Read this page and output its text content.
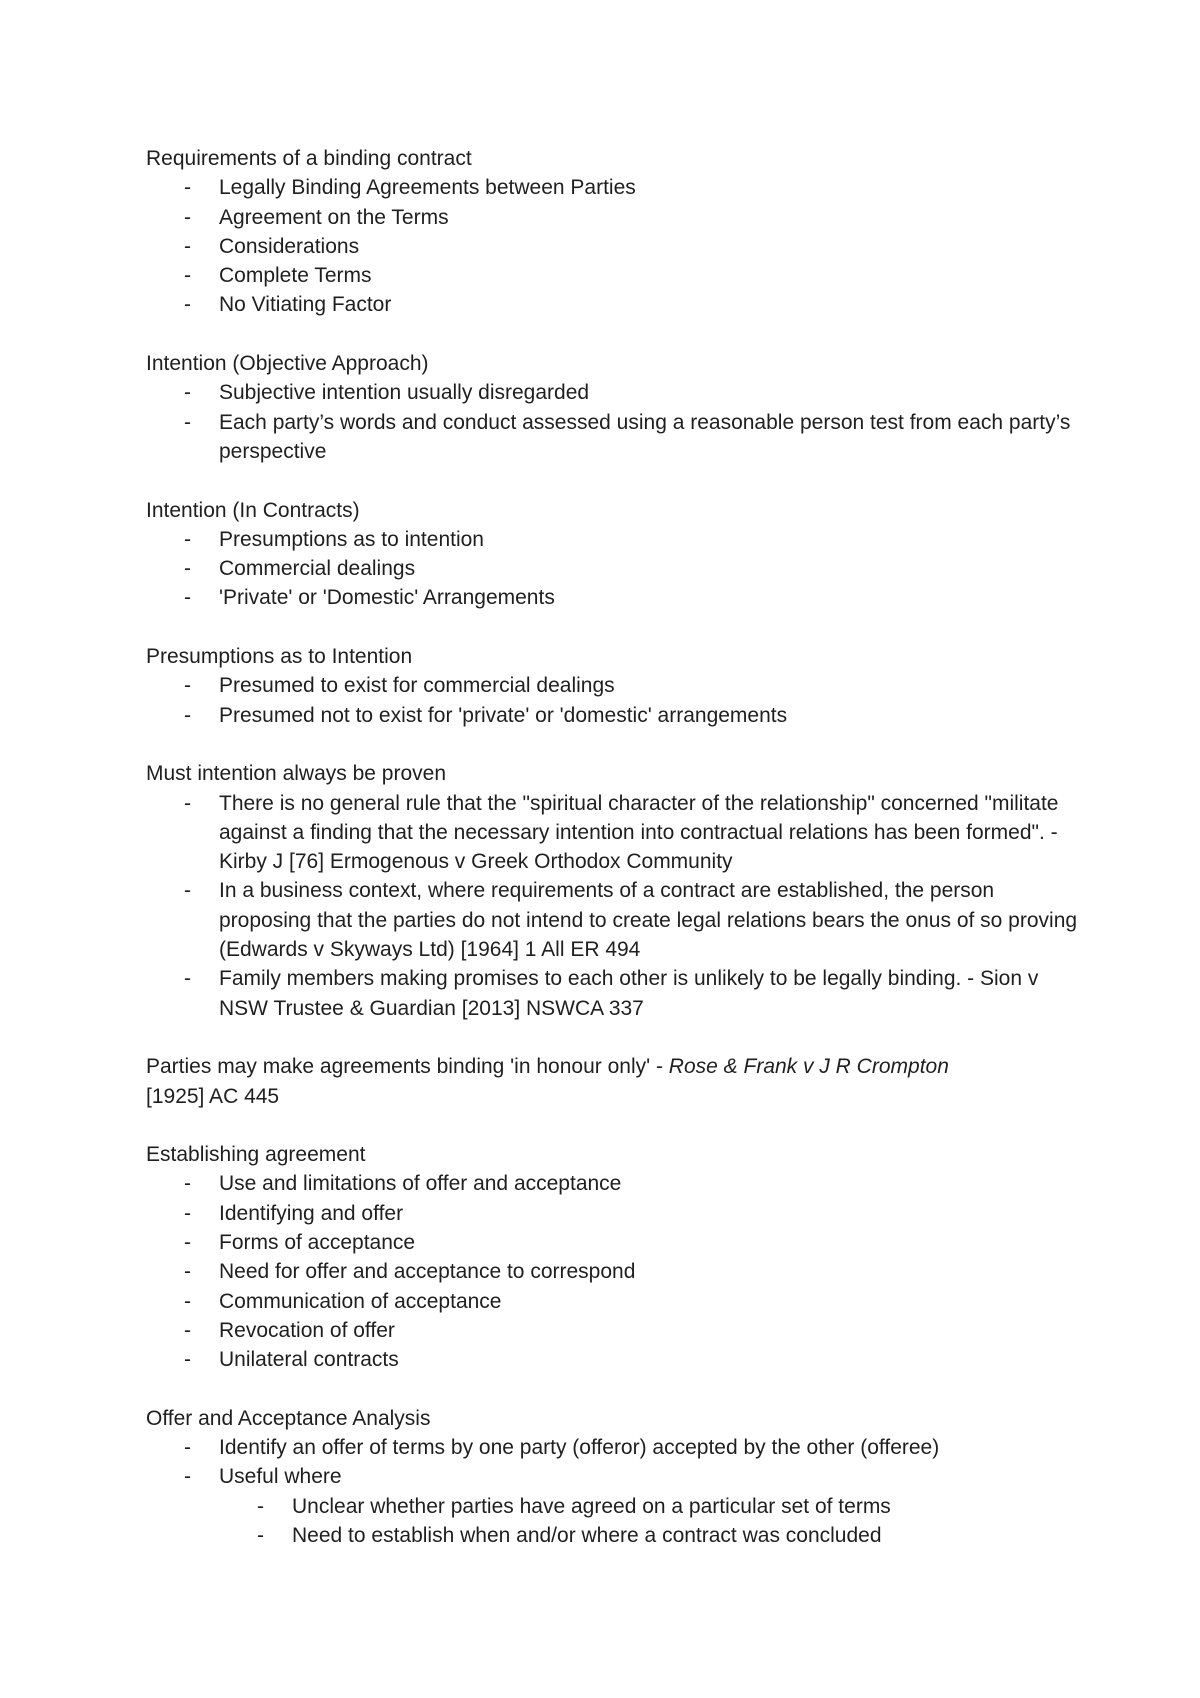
Requirements of a binding contract

- Legally Binding Agreements between Parties
- Agreement on the Terms
- Considerations
- Complete Terms
- No Vitiating Factor

Intention (Objective Approach)

- Subjective intention usually disregarded
- Each party’s words and conduct assessed using a reasonable person test from each party’s perspective

Intention (In Contracts)

- Presumptions as to intention
- Commercial dealings
- 'Private' or 'Domestic' Arrangements

Presumptions as to Intention

- Presumed to exist for commercial dealings
- Presumed not to exist for 'private' or 'domestic' arrangements

Must intention always be proven

- There is no general rule that the "spiritual character of the relationship" concerned "militate against a finding that the necessary intention into contractual relations has been formed". - Kirby J [76] Ermogenous v Greek Orthodox Community
- In a business context, where requirements of a contract are established, the person proposing that the parties do not intend to create legal relations bears the onus of so proving (Edwards v Skyways Ltd) [1964] 1 All ER 494
- Family members making promises to each other is unlikely to be legally binding. - Sion v NSW Trustee & Guardian [2013] NSWCA 337

Parties may make agreements binding 'in honour only' - Rose & Frank v J R Crompton
[1925] AC 445

Establishing agreement

- Use and limitations of offer and acceptance
- Identifying and offer
- Forms of acceptance
- Need for offer and acceptance to correspond
- Communication of acceptance
- Revocation of offer
- Unilateral contracts

Offer and Acceptance Analysis

- Identify an offer of terms by one party (offeror) accepted by the other (offeree)
- Useful where
- Unclear whether parties have agreed on a particular set of terms
- Need to establish when and/or where a contract was concluded
